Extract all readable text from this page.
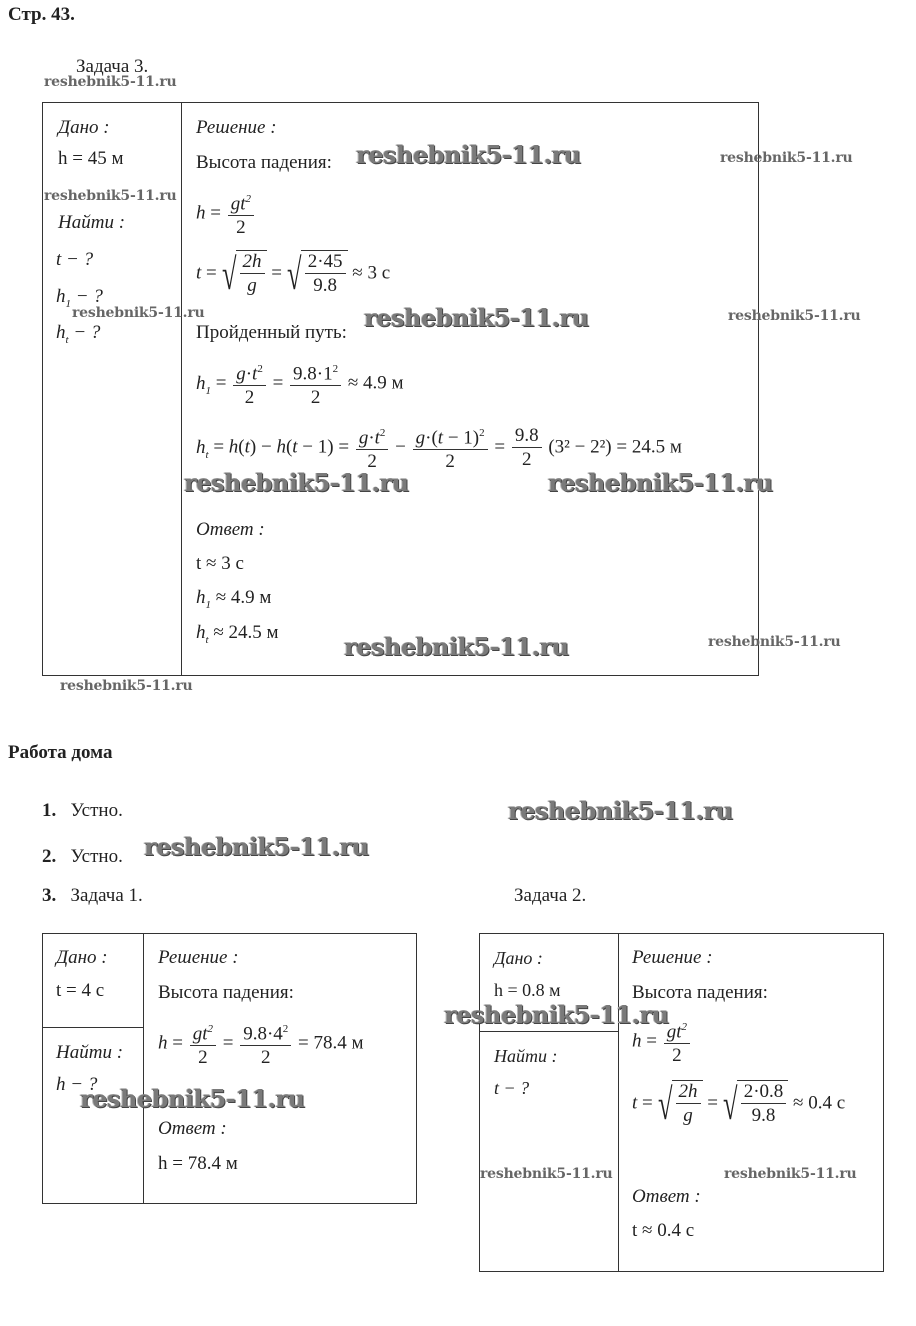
Стр. 43.
Задача 3.
Дано :
h = 45 м
Найти :
t − ?
$h_1$ − ?
$h_t$ − ?
Решение :
Высота падения:
$h = \frac{gt^2}{2}$
t = √ $\frac{2h}{g}$ = √ $\frac{2\cdot 45}{9.8} \approx 3$ с
Пройденный путь:
$h_1 = \frac{g\cdot t^2}{2} = \frac{9.8\cdot 1^2}{2} \approx 4.9$ м
$h_t = h(t) - h(t - 1) = \frac{g\cdot t^2}{2} - \frac{g\cdot(t - 1)^2}{2} = \frac{9.8}{2} (3^2 - 2^2) = 24.5$ м
Ответ :
t ≈ 3 с
$h_1 \approx 4.9$ м
$h_t \approx 24.5$ м
Работа дома
1. Устно.
2. Устно.
3. Задача 1.	Задача 2.
Дано :
t = 4 с
Найти :
h − ?
Решение :
Высота падения:
$h = \frac{gt^2}{2} = \frac{9.8\cdot 4^2}{2} = 78.4$ м
Ответ :
h = 78.4 м
Дано :
h = 0.8 м
Найти :
t − ?
Решение :
Высота падения:
$h = \frac{gt^2}{2}$
t = √ $\frac{2h}{g}$ = √ $\frac{2\cdot 0.8}{9.8} \approx 0.4$ с
Ответ :
t ≈ 0.4 с
reshebnik5-11.ru
reshebnik5-11.ru	reshebnik5-11.ru
reshebnik5-11.ru
reshebnik5-11.ru	reshebnik5-11.ru	reshebnik5-11.ru
reshebnik5-11.ru	reshebnik5-11.ru
reshebnik5-11.ru	reshebnik5-11.ru
reshebnik5-11.ru
reshebnik5-11.ru
reshebnik5-11.ru
reshebnik5-11.ru
reshebnik5-11.ru
reshebnik5-11.ru	reshebnik5-11.ru
